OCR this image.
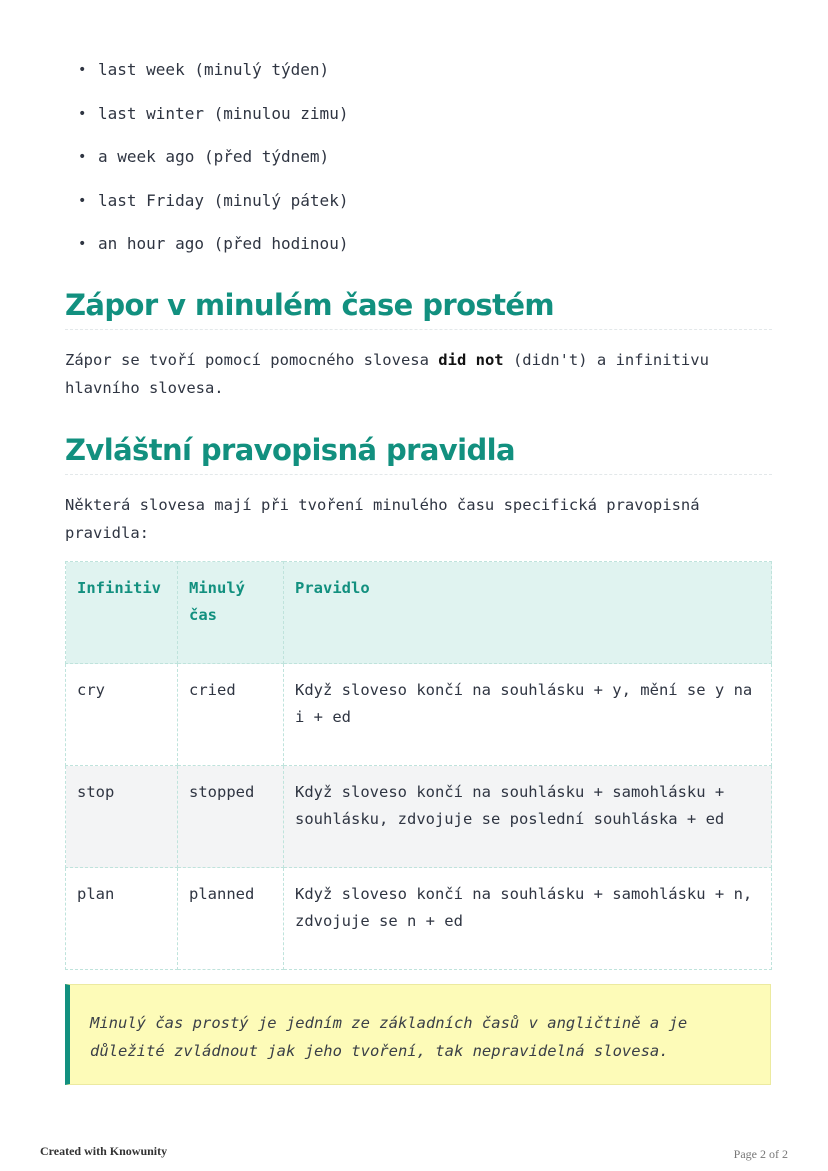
• last week (minulý týden)
• last winter (minulou zimu)
• a week ago (před týdnem)
• last Friday (minulý pátek)
• an hour ago (před hodinou)
Zápor v minulém čase prostém

Zápor se tvoří pomocí pomocného slovesa did not (didn't) a infinitivu hlavního slovesa.

Zvláštní pravopisná pravidla

Některá slovesa mají při tvoření minulého času specifická pravopisná pravidla:

Infinitiv	Minulý čas	Pravidlo
cry	cried	Když sloveso končí na souhlásku + y, mění se y na i + ed
stop	stopped	Když sloveso končí na souhlásku + samohlásku + souhlásku, zdvojuje se poslední souhláska + ed
plan	planned	Když sloveso končí na souhlásku + samohlásku + n, zdvojuje se n + ed

Minulý čas prostý je jedním ze základních časů v angličtině a je důležité zvládnout jak jeho tvoření, tak nepravidelná slovesa.

Created with Knowunity	Page 2 of 2
